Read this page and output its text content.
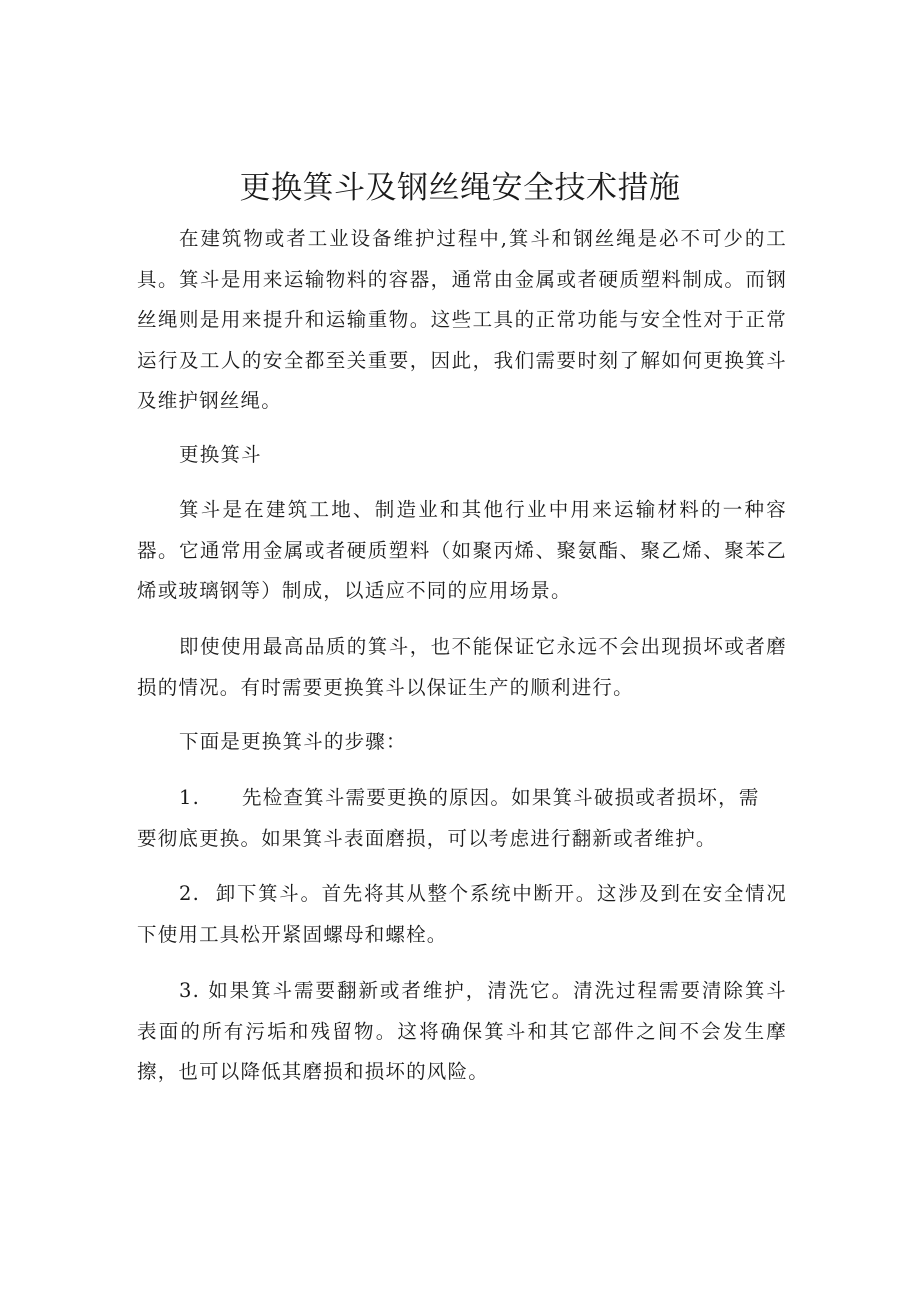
更换箕斗及钢丝绳安全技术措施

在建筑物或者工业设备维护过程中,箕斗和钢丝绳是必不可少的工具。箕斗是用来运输物料的容器，通常由金属或者硬质塑料制成。而钢丝绳则是用来提升和运输重物。这些工具的正常功能与安全性对于正常运行及工人的安全都至关重要，因此，我们需要时刻了解如何更换箕斗及维护钢丝绳。

更换箕斗

箕斗是在建筑工地、制造业和其他行业中用来运输材料的一种容器。它通常用金属或者硬质塑料（如聚丙烯、聚氨酯、聚乙烯、聚苯乙烯或玻璃钢等）制成，以适应不同的应用场景。

即使使用最高品质的箕斗，也不能保证它永远不会出现损坏或者磨损的情况。有时需要更换箕斗以保证生产的顺利进行。

下面是更换箕斗的步骤：

1. 先检查箕斗需要更换的原因。如果箕斗破损或者损坏，需
要彻底更换。如果箕斗表面磨损，可以考虑进行翻新或者维护。
2. 卸下箕斗。首先将其从整个系统中断开。这涉及到在安全情况下使用工具松开紧固螺母和螺栓。
3. 如果箕斗需要翻新或者维护，清洗它。清洗过程需要清除箕斗表面的所有污垢和残留物。这将确保箕斗和其它部件之间不会发生摩擦，也可以降低其磨损和损坏的风险。
